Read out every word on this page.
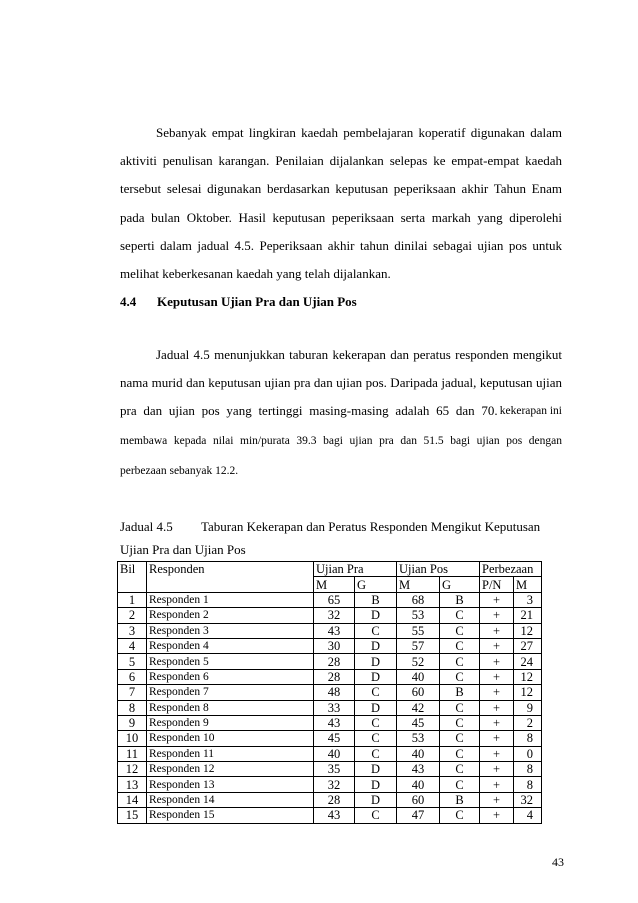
Sebanyak empat lingkiran kaedah pembelajaran koperatif digunakan dalam
aktiviti penulisan karangan. Penilaian dijalankan selepas ke empat-empat kaedah
tersebut selesai digunakan berdasarkan keputusan peperiksaan akhir Tahun Enam
pada bulan Oktober. Hasil keputusan peperiksaan serta markah yang diperolehi
seperti dalam jadual 4.5. Peperiksaan akhir tahun dinilai sebagai ujian pos untuk
melihat keberkesanan kaedah yang telah dijalankan.
4.4 Keputusan Ujian Pra dan Ujian Pos
Jadual 4.5 menunjukkan taburan kekerapan dan peratus responden mengikut
nama murid dan keputusan ujian pra dan ujian pos. Daripada jadual, keputusan ujian
pra dan ujian pos yang tertinggi masing-masing adalah 65 dan 70. kekerapan ini
membawa kepada nilai min/purata 39.3 bagi ujian pra dan 51.5 bagi ujian pos dengan
perbezaan sebanyak 12.2.
Jadual 4.5 Taburan Kekerapan dan Peratus Responden Mengikut Keputusan
Ujian Pra dan Ujian Pos
Bil	Responden	Ujian Pra		Ujian Pos		Perbezaan	
		M	G	M	G	P/N	M
1	Responden 1	65	B	68	B	+	3
2	Responden 2	32	D	53	C	+	21
3	Responden 3	43	C	55	C	+	12
4	Responden 4	30	D	57	C	+	27
5	Responden 5	28	D	52	C	+	24
6	Responden 6	28	D	40	C	+	12
7	Responden 7	48	C	60	B	+	12
8	Responden 8	33	D	42	C	+	9
9	Responden 9	43	C	45	C	+	2
10	Responden 10	45	C	53	C	+	8
11	Responden 11	40	C	40	C	+	0
12	Responden 12	35	D	43	C	+	8
13	Responden 13	32	D	40	C	+	8
14	Responden 14	28	D	60	B	+	32
15	Responden 15	43	C	47	C	+	4
43
